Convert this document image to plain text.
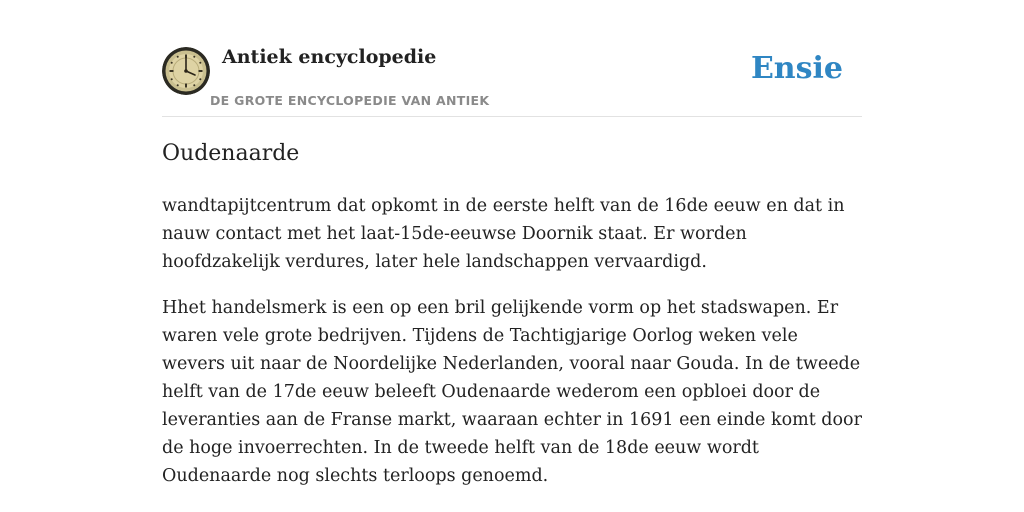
Antiek encyclopedie
DE GROTE ENCYCLOPEDIE VAN ANTIEK
Ensie
Oudenaarde

wandtapijtcentrum dat opkomt in de eerste helft van de 16de eeuw en dat in nauw contact met het laat-15de-eeuwse Doornik staat. Er worden hoofdzakelijk verdures, later hele landschappen vervaardigd.

Hhet handelsmerk is een op een bril gelijkende vorm op het stadswapen. Er waren vele grote bedrijven. Tijdens de Tachtigjarige Oorlog weken vele wevers uit naar de Noordelijke Nederlanden, vooral naar Gouda. In de tweede helft van de 17de eeuw beleeft Oudenaarde wederom een opbloei door de leveranties aan de Franse markt, waaraan echter in 1691 een einde komt door de hoge invoerrechten. In de tweede helft van de 18de eeuw wordt Oudenaarde nog slechts terloops genoemd.
